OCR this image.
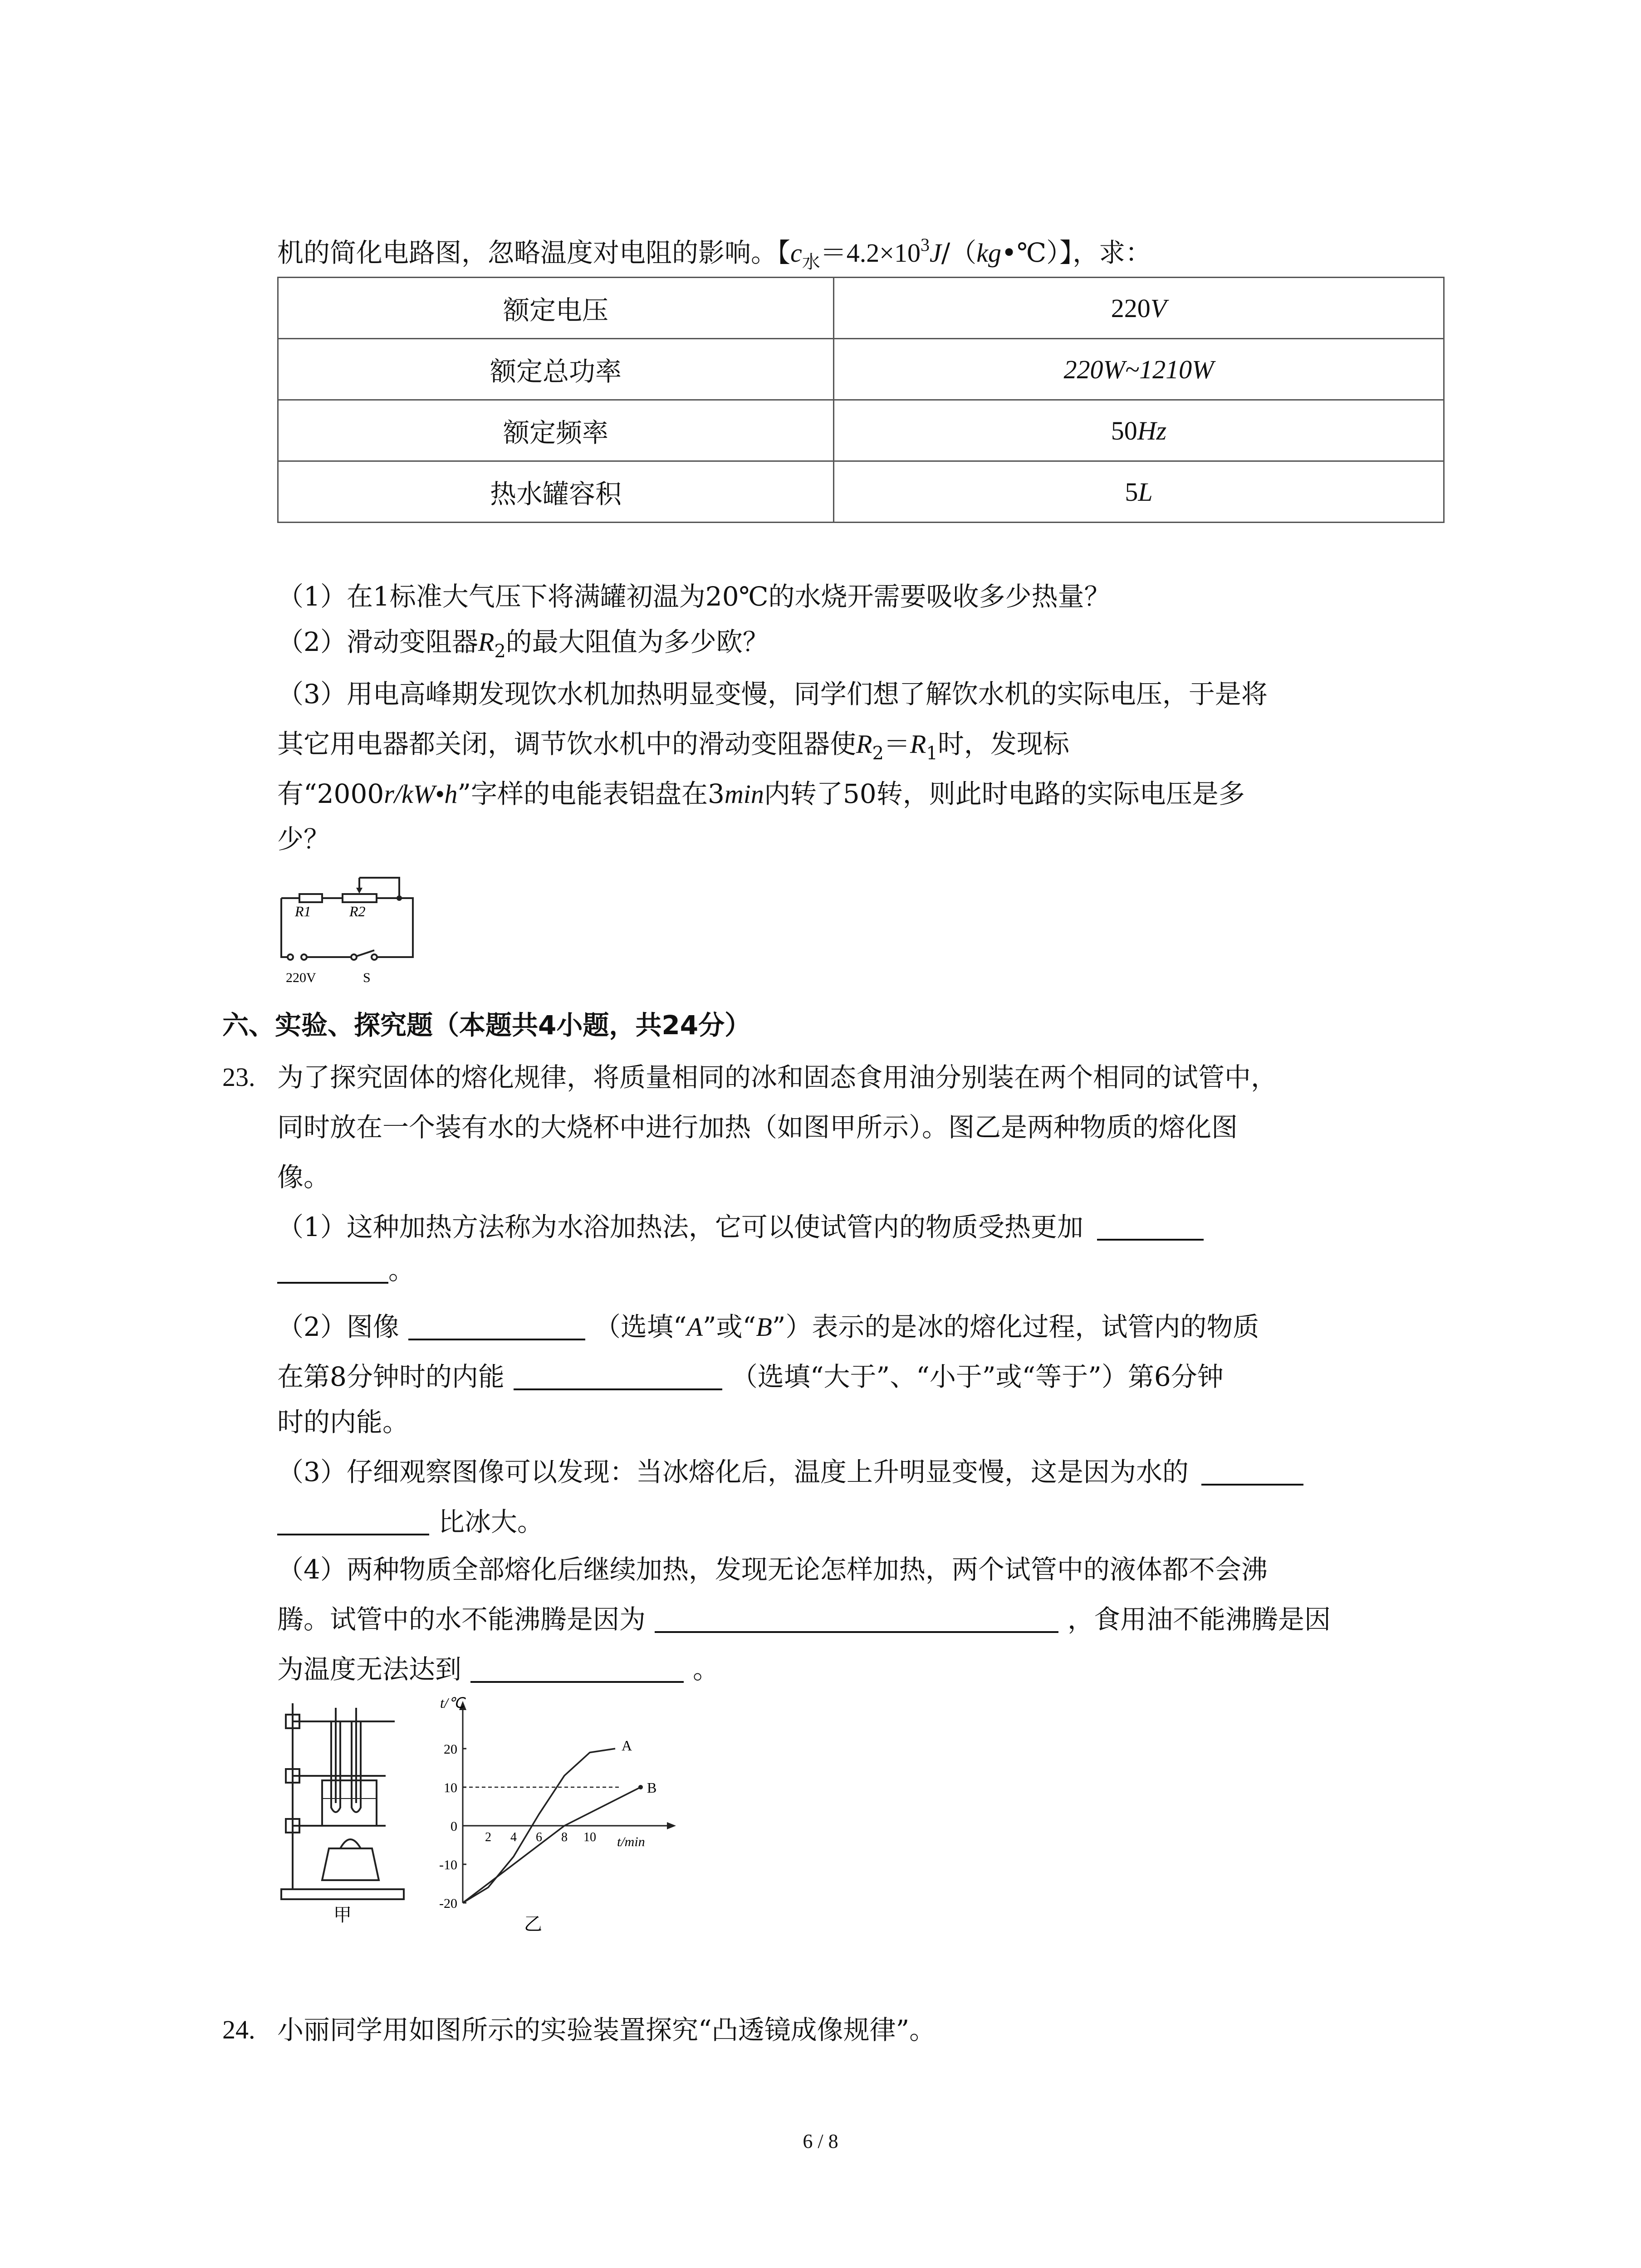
机的简化电路图，忽略温度对电阻的影响。【$c_水=4.2\times 10^3J/(kg•℃)$】，求：
额定电压	220V
额定总功率	220W~1210W
额定频率	50Hz
热水罐容积	5L
（1）在1标准大气压下将满罐初温为20℃的水烧开需要吸收多少热量？
（2）滑动变阻器$R_2$的最大阻值为多少欧？
（3）用电高峰期发现饮水机加热明显变慢，同学们想了解饮水机的实际电压，于是将
其它用电器都关闭，调节饮水机中的滑动变阻器使$R_2=R_1$时，发现标
有“2000r/kW•h”字样的电能表铝盘在3min内转了50转，则此时电路的实际电压是多
少？
R1	R2
220V	S
六、实验、探究题（本题共4小题，共24分）
23. 为了探究固体的熔化规律，将质量相同的冰和固态食用油分别装在两个相同的试管中，
同时放在一个装有水的大烧杯中进行加热（如图甲所示）。图乙是两种物质的熔化图
像。
（1）这种加热方法称为水浴加热法，它可以使试管内的物质受热更加
。
（2）图像	（选填“A”或“B”）表示的是冰的熔化过程，试管内的物质
在第8分钟时的内能	（选填“大于”、“小于”或“等于”）第6分钟
时的内能。
（3）仔细观察图像可以发现：当冰熔化后，温度上升明显变慢，这是因为水的
比冰大。
（4）两种物质全部熔化后继续加热，发现无论怎样加热，两个试管中的液体都不会沸
腾。试管中的水不能沸腾是因为	，食用油不能沸腾是因
为温度无法达到	。
甲
20
10
0
-10
-20
2 4 6 8 10
A
B
t/℃
t/min
乙
24. 小丽同学用如图所示的实验装置探究“凸透镜成像规律”。
6 / 8
